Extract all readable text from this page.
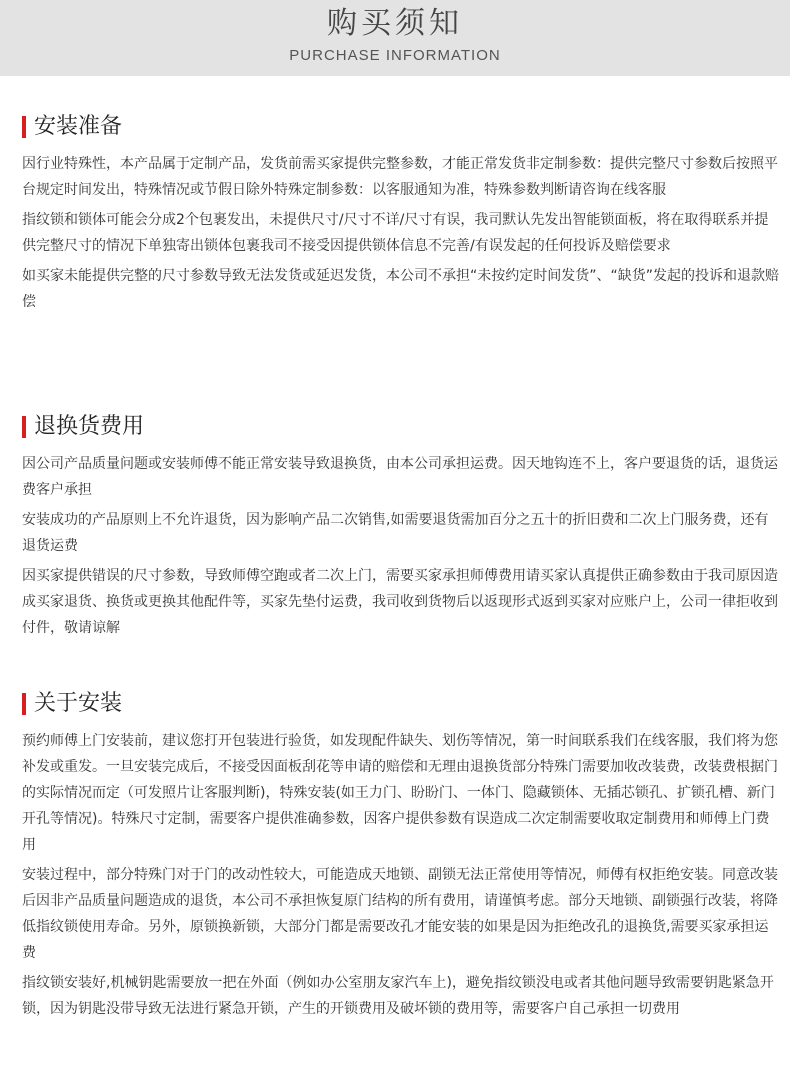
购买须知
PURCHASE INFORMATION
安装准备

因行业特殊性，本产品属于定制产品，发货前需买家提供完整参数，才能正常发货非定制参数：提供完整尺寸参数后按照平台规定时间发出，特殊情况或节假日除外特殊定制参数：以客服通知为准，特殊参数判断请咨询在线客服

指纹锁和锁体可能会分成2个包裹发出，未提供尺寸/尺寸不详/尺寸有误，我司默认先发出智能锁面板，将在取得联系并提供完整尺寸的情况下单独寄出锁体包裹我司不接受因提供锁体信息不完善/有误发起的任何投诉及赔偿要求

如买家未能提供完整的尺寸参数导致无法发货或延迟发货，本公司不承担“未按约定时间发货”、“缺货”发起的投诉和退款赔偿

退换货费用

因公司产品质量问题或安装师傅不能正常安装导致退换货，由本公司承担运费。因天地钩连不上，客户要退货的话，退货运费客户承担

安装成功的产品原则上不允许退货，因为影响产品二次销售,如需要退货需加百分之五十的折旧费和二次上门服务费，还有退货运费

因买家提供错误的尺寸参数，导致师傅空跑或者二次上门，需要买家承担师傅费用请买家认真提供正确参数由于我司原因造成买家退货、换货或更换其他配件等，买家先垫付运费，我司收到货物后以返现形式返到买家对应账户上，公司一律拒收到付件，敬请谅解

关于安装

预约师傅上门安装前，建议您打开包装进行验货，如发现配件缺失、划伤等情况，第一时间联系我们在线客服，我们将为您补发或重发。一旦安装完成后，不接受因面板刮花等申请的赔偿和无理由退换货部分特殊门需要加收改装费，改装费根据门的实际情况而定（可发照片让客服判断)，特殊安装(如王力门、盼盼门、一体门、隐藏锁体、无插芯锁孔、扩锁孔槽、新门开孔等情况)。特殊尺寸定制，需要客户提供准确参数，因客户提供参数有误造成二次定制需要收取定制费用和师傅上门费用

安装过程中，部分特殊门对于门的改动性较大，可能造成天地锁、副锁无法正常使用等情况，师傅有权拒绝安装。同意改装后因非产品质量问题造成的退货，本公司不承担恢复原门结构的所有费用，请谨慎考虑。部分天地锁、副锁强行改装，将降低指纹锁使用寿命。另外，原锁换新锁，大部分门都是需要改孔才能安装的如果是因为拒绝改孔的退换货,需要买家承担运费

指纹锁安装好,机械钥匙需要放一把在外面（例如办公室朋友家汽车上)，避免指纹锁没电或者其他问题导致需要钥匙紧急开锁，因为钥匙没带导致无法进行紧急开锁，产生的开锁费用及破坏锁的费用等，需要客户自己承担一切费用
